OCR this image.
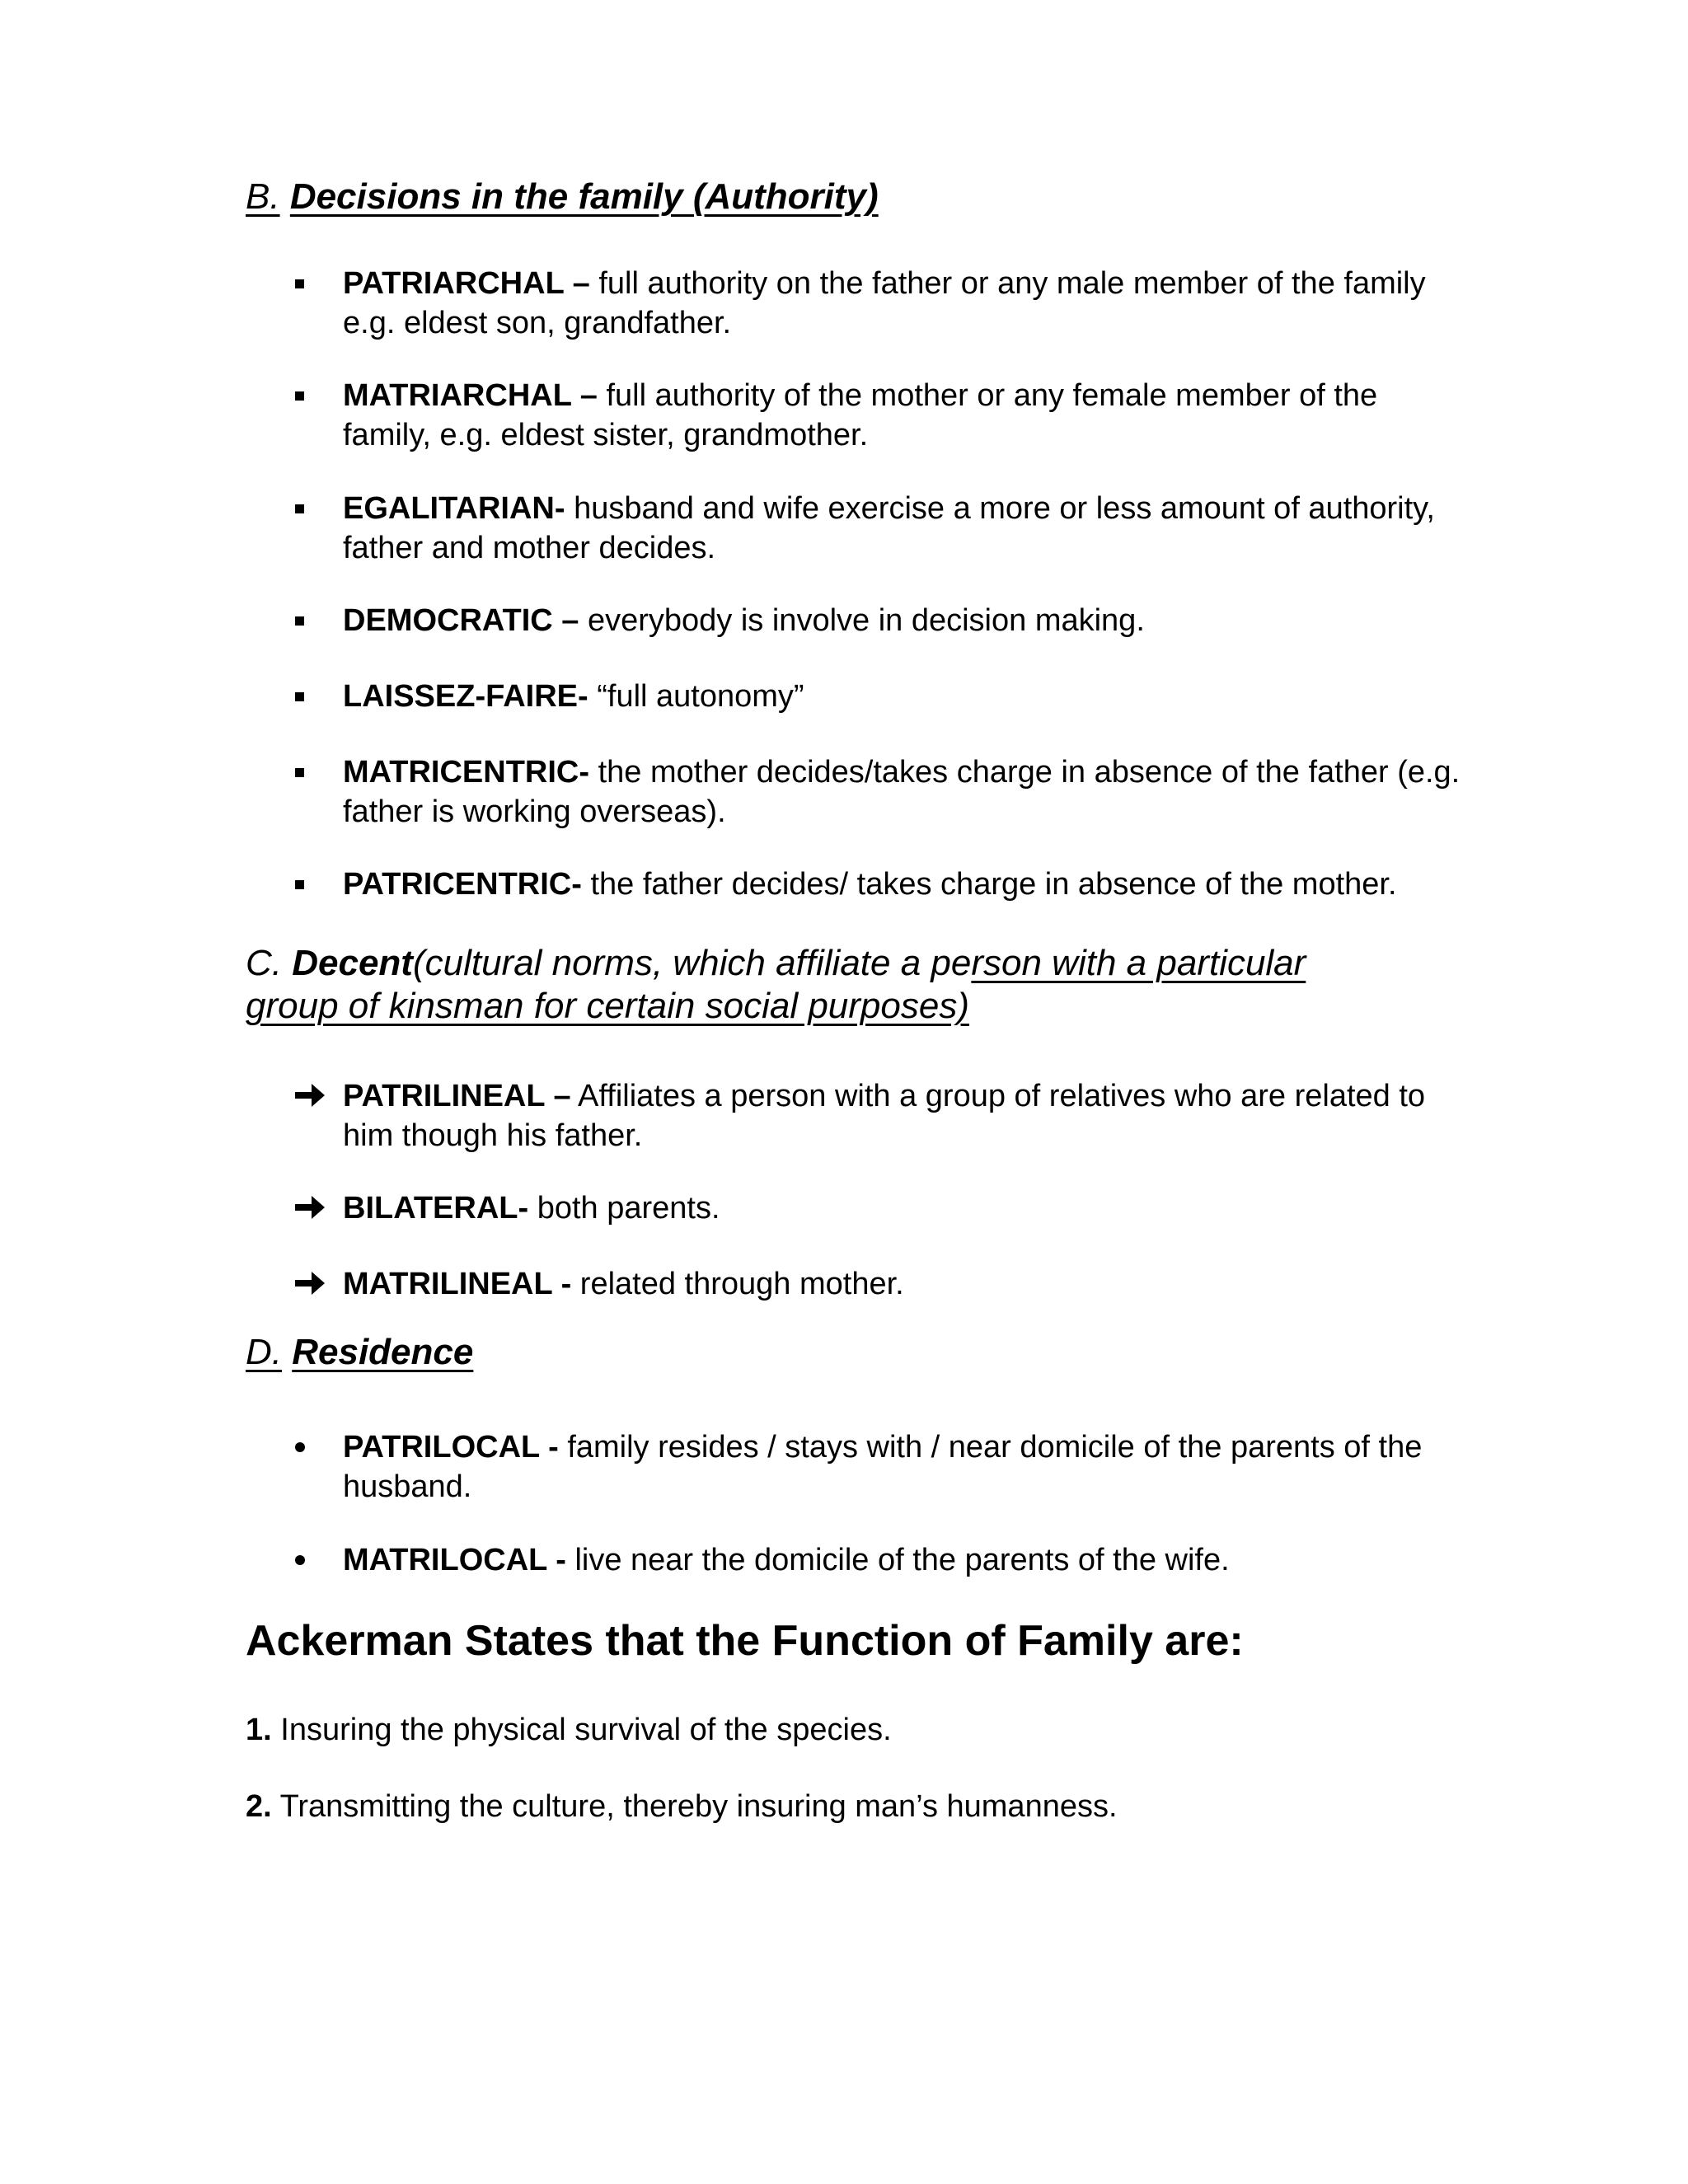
B. Decisions in the family (Authority)
PATRIARCHAL – full authority on the father or any male member of the family e.g. eldest son, grandfather.
MATRIARCHAL – full authority of the mother or any female member of the family, e.g. eldest sister, grandmother.
EGALITARIAN- husband and wife exercise a more or less amount of authority, father and mother decides.
DEMOCRATIC – everybody is involve in decision making.
LAISSEZ-FAIRE- “full autonomy”
MATRICENTRIC- the mother decides/takes charge in absence of the father (e.g. father is working overseas).
PATRICENTRIC- the father decides/ takes charge in absence of the mother.
C. Decent(cultural norms, which affiliate a person with a particular
group of kinsman for certain social purposes)
PATRILINEAL – Affiliates a person with a group of relatives who are related to him though his father.
BILATERAL- both parents.
MATRILINEAL - related through mother.
D. Residence
PATRILOCAL - family resides / stays with / near domicile of the parents of the husband.
MATRILOCAL - live near the domicile of the parents of the wife.
Ackerman States that the Function of Family are:
1. Insuring the physical survival of the species.
2. Transmitting the culture, thereby insuring man’s humanness.
